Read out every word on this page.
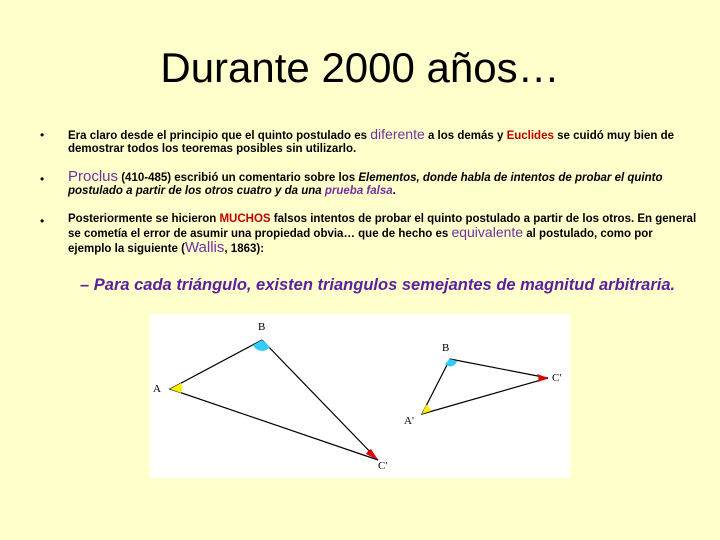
Durante 2000 años…
• Era claro desde el principio que el quinto postulado es diferente a los demás y Euclides se cuidó muy bien de demostrar todos los teoremas posibles sin utilizarlo.
• Proclus (410-485) escribió un comentario sobre los Elementos, donde habla de intentos de probar el quinto postulado a partir de los otros cuatro y da una prueba falsa.
• Posteriormente se hicieron MUCHOS falsos intentos de probar el quinto postulado a partir de los otros. En general se cometía el error de asumir una propiedad obvia… que de hecho es equivalente al postulado, como por ejemplo la siguiente (Wallis, 1863):
– Para cada triángulo, existen triangulos semejantes de magnitud arbitraria.
B
A
C'
B
A'
C'
